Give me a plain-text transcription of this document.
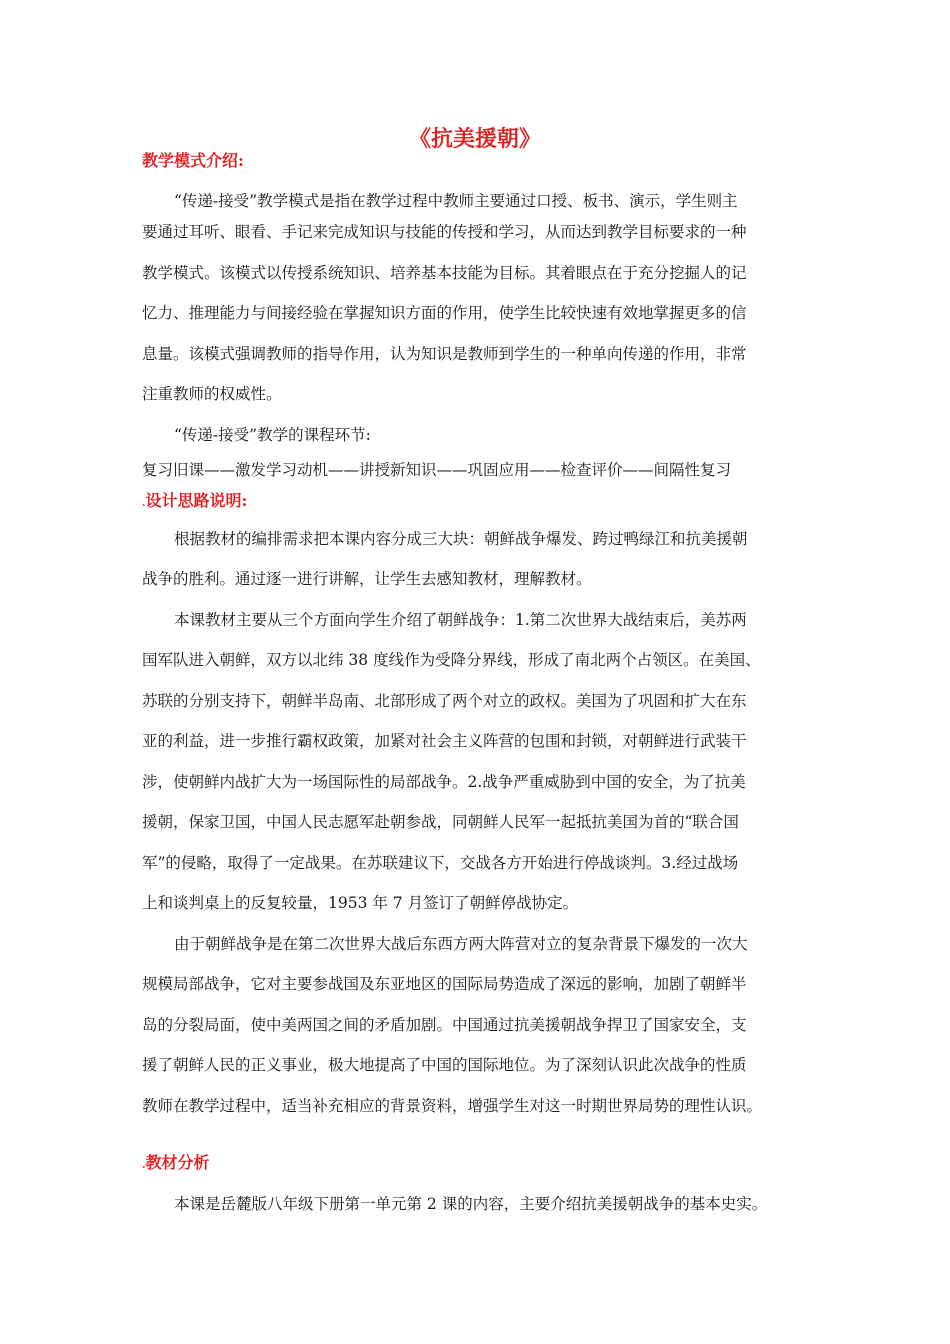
《抗美援朝》
教学模式介绍:
“传递-接受”教学模式是指在教学过程中教师主要通过口授、板书、演示，学生则主
要通过耳听、眼看、手记来完成知识与技能的传授和学习，从而达到教学目标要求的一种
教学模式。该模式以传授系统知识、培养基本技能为目标。其着眼点在于充分挖掘人的记
忆力、推理能力与间接经验在掌握知识方面的作用，使学生比较快速有效地掌握更多的信
息量。该模式强调教师的指导作用，认为知识是教师到学生的一种单向传递的作用，非常
注重教师的权威性。
“传递-接受”教学的课程环节:
复习旧课——激发学习动机——讲授新知识——巩固应用——检查评价——间隔性复习
.设计思路说明:
根据教材的编排需求把本课内容分成三大块：朝鲜战争爆发、跨过鸭绿江和抗美援朝
战争的胜利。通过逐一进行讲解，让学生去感知教材，理解教材。
本课教材主要从三个方面向学生介绍了朝鲜战争：1.第二次世界大战结束后，美苏两
国军队进入朝鲜，双方以北纬 38 度线作为受降分界线，形成了南北两个占领区。在美国、
苏联的分别支持下，朝鲜半岛南、北部形成了两个对立的政权。美国为了巩固和扩大在东
亚的利益，进一步推行霸权政策，加紧对社会主义阵营的包围和封锁，对朝鲜进行武装干
涉，使朝鲜内战扩大为一场国际性的局部战争。2.战争严重威胁到中国的安全，为了抗美
援朝，保家卫国，中国人民志愿军赴朝参战，同朝鲜人民军一起抵抗美国为首的“联合国
军”的侵略，取得了一定战果。在苏联建议下，交战各方开始进行停战谈判。3.经过战场
上和谈判桌上的反复较量，1953 年 7 月签订了朝鲜停战协定。
由于朝鲜战争是在第二次世界大战后东西方两大阵营对立的复杂背景下爆发的一次大
规模局部战争，它对主要参战国及东亚地区的国际局势造成了深远的影响，加剧了朝鲜半
岛的分裂局面，使中美两国之间的矛盾加剧。中国通过抗美援朝战争捍卫了国家安全，支
援了朝鲜人民的正义事业，极大地提高了中国的国际地位。为了深刻认识此次战争的性质
教师在教学过程中，适当补充相应的背景资料，增强学生对这一时期世界局势的理性认识。
.教材分析
本课是岳麓版八年级下册第一单元第 2 课的内容，主要介绍抗美援朝战争的基本史实。
